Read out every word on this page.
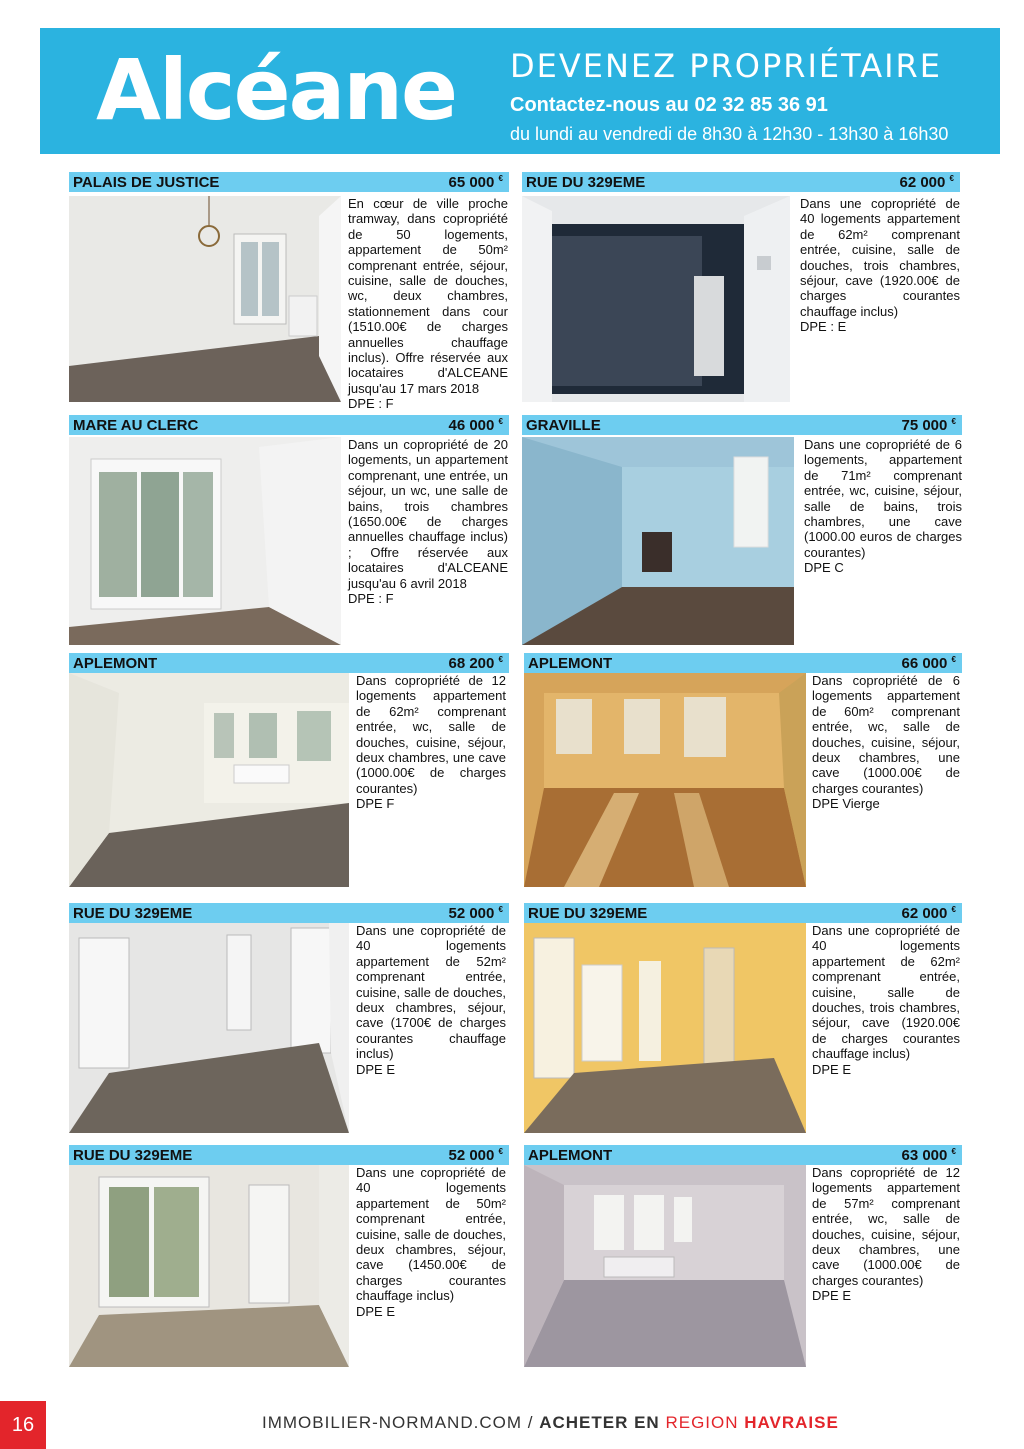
Alcéane DEVENEZ PROPRIÉTAIRE
Contactez-nous au 02 32 85 36 91
du lundi au vendredi de 8h30 à 12h30 - 13h30 à 16h30
PALAIS DE JUSTICE	65 000 €
En cœur de ville proche tramway, dans copropriété de 50 logements, appartement de 50m² comprenant entrée, séjour, cuisine, salle de douches, wc, deux chambres, stationnement dans cour (1510.00€ de charges annuelles chauffage inclus). Offre réservée aux locataires d'ALCEANE jusqu'au 17 mars 2018
DPE : F
RUE DU 329EME	62 000 €
Dans une copropriété de 40 logements appartement de 62m² comprenant entrée, cuisine, salle de douches, trois chambres, séjour, cave (1920.00€ de charges courantes chauffage inclus)
DPE : E
MARE AU CLERC	46 000 €
Dans un copropriété de 20 logements, un appartement comprenant, une entrée, un séjour, un wc, une salle de bains, trois chambres (1650.00€ de charges annuelles chauffage inclus) ; Offre réservée aux locataires d'ALCEANE jusqu'au 6 avril 2018
DPE : F
GRAVILLE	75 000 €
Dans une copropriété de 6 logements, appartement de 71m² comprenant entrée, wc, cuisine, séjour, salle de bains, trois chambres, une cave (1000.00 euros de charges courantes)
DPE C
APLEMONT	68 200 €
Dans copropriété de 12 logements appartement de 62m² comprenant entrée, wc, salle de douches, cuisine, séjour, deux chambres, une cave (1000.00€ de charges courantes)
DPE F
APLEMONT	66 000 €
Dans copropriété de 6 logements appartement de 60m² comprenant entrée, wc, salle de douches, cuisine, séjour, deux chambres, une cave (1000.00€ de charges courantes)
DPE Vierge
RUE DU 329EME	52 000 €
Dans une copropriété de 40 logements appartement de 52m² comprenant entrée, cuisine, salle de douches, deux chambres, séjour, cave (1700€ de charges courantes chauffage inclus)
DPE E
RUE DU 329EME	62 000 €
Dans une copropriété de 40 logements appartement de 62m² comprenant entrée, cuisine, salle de douches, trois chambres, séjour, cave (1920.00€ de charges courantes chauffage inclus)
DPE E
RUE DU 329EME	52 000 €
Dans une copropriété de 40 logements appartement de 50m² comprenant entrée, cuisine, salle de douches, deux chambres, séjour, cave (1450.00€ de charges courantes chauffage inclus)
DPE E
APLEMONT	63 000 €
Dans copropriété de 12 logements appartement de 57m² comprenant entrée, wc, salle de douches, cuisine, séjour, deux chambres, une cave (1000.00€ de charges courantes)
DPE E
16	IMMOBILIER-NORMAND.COM / ACHETER EN REGION HAVRAISE
